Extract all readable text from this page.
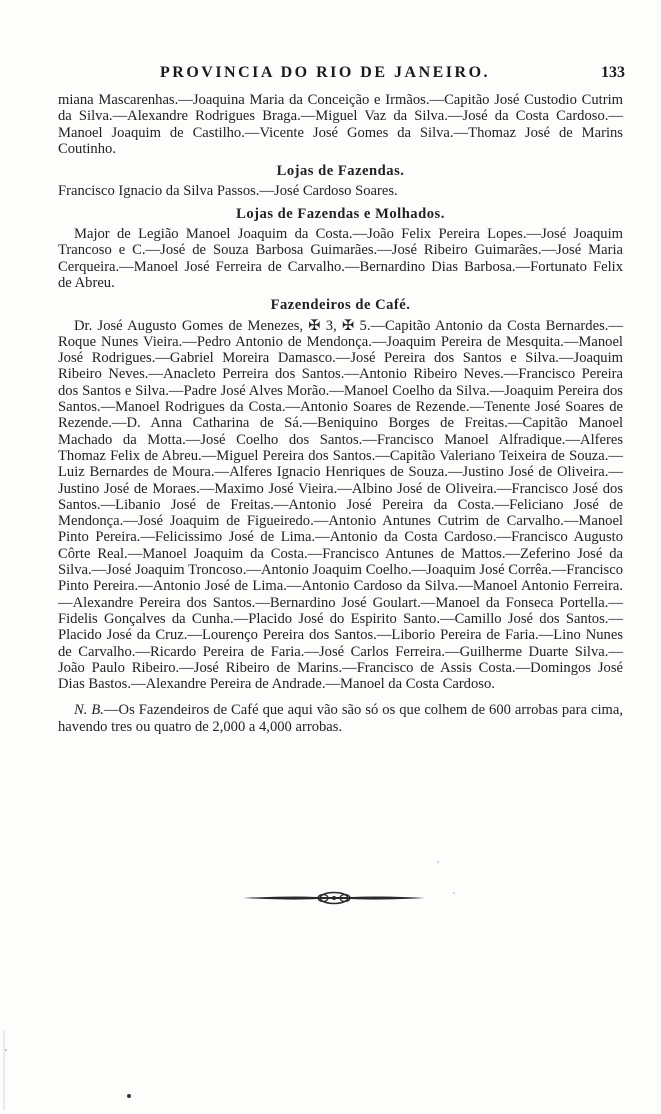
PROVINCIA DO RIO DE JANEIRO.	133

miana Mascarenhas.—Joaquina Maria da Conceição e Irmãos.—Capitão José Custodio Cutrim da Silva.—Alexandre Rodrigues Braga.—Miguel Vaz da Silva.—José da Costa Cardoso.—Manoel Joaquim de Castilho.—Vicente José Gomes da Silva.—Thomaz José de Marins Coutinho.

Lojas de Fazendas.

Francisco Ignacio da Silva Passos.—José Cardoso Soares.

Lojas de Fazendas e Molhados.

Major de Legião Manoel Joaquim da Costa.—João Felix Pereira Lopes.—José Joaquim Trancoso e C.—José de Souza Barbosa Guimarães.—José Ribeiro Guimarães.—José Maria Cerqueira.—Manoel José Ferreira de Carvalho.—Bernardino Dias Barbosa.—Fortunato Felix de Abreu.

Fazendeiros de Café.

Dr. José Augusto Gomes de Menezes, ✠ 3, ✠ 5.—Capitão Antonio da Costa Bernardes.—Roque Nunes Vieira.—Pedro Antonio de Mendonça.—Joaquim Pereira de Mesquita.—Manoel José Rodrigues.—Gabriel Moreira Damasco.—José Pereira dos Santos e Silva.—Joaquim Ribeiro Neves.—Anacleto Perreira dos Santos.—Antonio Ribeiro Neves.—Francisco Pereira dos Santos e Silva.—Padre José Alves Morão.—Manoel Coelho da Silva.—Joaquim Pereira dos Santos.—Manoel Rodrigues da Costa.—Antonio Soares de Rezende.—Tenente José Soares de Rezende.—D. Anna Catharina de Sá.—Beniquino Borges de Freitas.—Capitão Manoel Machado da Motta.—José Coelho dos Santos.—Francisco Manoel Alfradique.—Alferes Thomaz Felix de Abreu.—Miguel Pereira dos Santos.—Capitão Valeriano Teixeira de Souza.—Luiz Bernardes de Moura.—Alferes Ignacio Henriques de Souza.—Justino José de Oliveira.—Justino José de Moraes.—Maximo José Vieira.—Albino José de Oliveira.—Francisco José dos Santos.—Libanio José de Freitas.—Antonio José Pereira da Costa.—Feliciano José de Mendonça.—José Joaquim de Figueiredo.—Antonio Antunes Cutrim de Carvalho.—Manoel Pinto Pereira.—Felicissimo José de Lima.—Antonio da Costa Cardoso.—Francisco Augusto Côrte Real.—Manoel Joaquim da Costa.—Francisco Antunes de Mattos.—Zeferino José da Silva.—José Joaquim Troncoso.—Antonio Joaquim Coelho.—Joaquim José Corrêa.—Francisco Pinto Pereira.—Antonio José de Lima.—Antonio Cardoso da Silva.—Manoel Antonio Ferreira.—Alexandre Pereira dos Santos.—Bernardino José Goulart.—Manoel da Fonseca Portella.—Fidelis Gonçalves da Cunha.—Placido José do Espirito Santo.—Camillo José dos Santos.—Placido José da Cruz.—Lourenço Pereira dos Santos.—Liborio Pereira de Faria.—Lino Nunes de Carvalho.—Ricardo Pereira de Faria.—José Carlos Ferreira.—Guilherme Duarte Silva.—João Paulo Ribeiro.—José Ribeiro de Marins.—Francisco de Assis Costa.—Domingos José Dias Bastos.—Alexandre Pereira de Andrade.—Manoel da Costa Cardoso.

N. B.—Os Fazendeiros de Café que aqui vão são só os que colhem de 600 arrobas para cima, havendo tres ou quatro de 2,000 a 4,000 arrobas.
